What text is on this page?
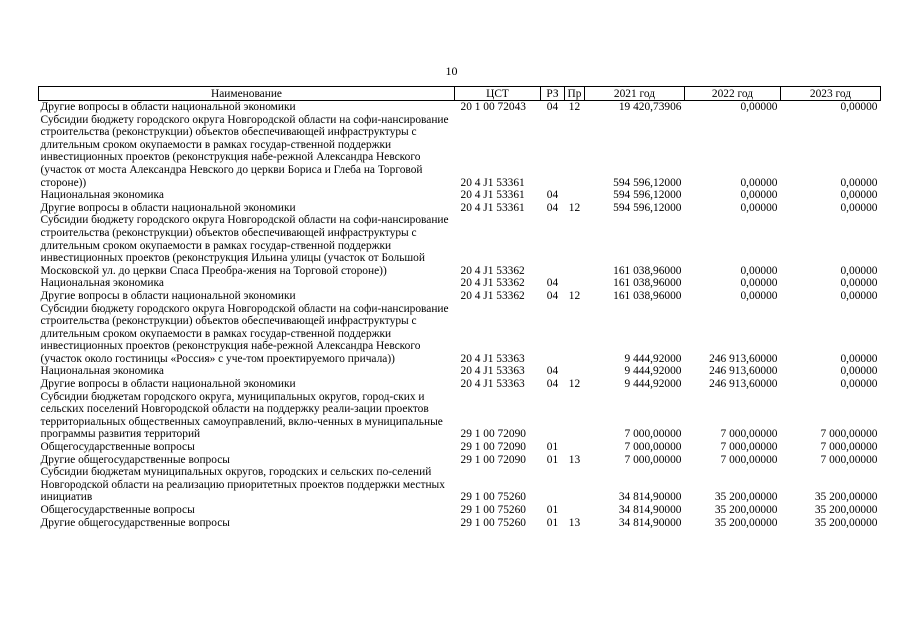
10
Наименование	ЦСТ	РЗ	Пр	2021 год	2022 год	2023 год
Другие вопросы в области национальной экономики	20 1 00 72043	04	12	19 420,73906	0,00000	0,00000
Субсидии бюджету городского округа Новгородской области на софи-нансирование строительства (реконструкции) объектов обеспечивающей инфраструктуры с длительным сроком окупаемости в рамках государ-ственной поддержки инвестиционных проектов (реконструкция набе-режной Александра Невского (участок от моста Александра Невского до церкви Бориса и Глеба на Торговой стороне))	20 4 J1 53361			594 596,12000	0,00000	0,00000
Национальная экономика	20 4 J1 53361	04		594 596,12000	0,00000	0,00000
Другие вопросы в области национальной экономики	20 4 J1 53361	04	12	594 596,12000	0,00000	0,00000
Субсидии бюджету городского округа Новгородской области на софи-нансирование строительства (реконструкции) объектов обеспечивающей инфраструктуры с длительным сроком окупаемости в рамках государ-ственной поддержки инвестиционных проектов (реконструкция Ильина улицы (участок от Большой Московской ул. до церкви Спаса Преобра-жения на Торговой стороне))	20 4 J1 53362			161 038,96000	0,00000	0,00000
Национальная экономика	20 4 J1 53362	04		161 038,96000	0,00000	0,00000
Другие вопросы в области национальной экономики	20 4 J1 53362	04	12	161 038,96000	0,00000	0,00000
Субсидии бюджету городского округа Новгородской области на софи-нансирование строительства (реконструкции) объектов обеспечивающей инфраструктуры с длительным сроком окупаемости в рамках государ-ственной поддержки инвестиционных проектов (реконструкция набе-режной Александра Невского (участок около гостиницы «Россия» с уче-том проектируемого причала))	20 4 J1 53363			9 444,92000	246 913,60000	0,00000
Национальная экономика	20 4 J1 53363	04		9 444,92000	246 913,60000	0,00000
Другие вопросы в области национальной экономики	20 4 J1 53363	04	12	9 444,92000	246 913,60000	0,00000
Субсидии бюджетам городского округа, муниципальных округов, город-ских и сельских поселений Новгородской области на поддержку реали-зации проектов территориальных общественных самоуправлений, вклю-ченных в муниципальные программы развития территорий	29 1 00 72090			7 000,00000	7 000,00000	7 000,00000
Общегосударственные вопросы	29 1 00 72090	01		7 000,00000	7 000,00000	7 000,00000
Другие общегосударственные вопросы	29 1 00 72090	01	13	7 000,00000	7 000,00000	7 000,00000
Субсидии бюджетам муниципальных округов, городских и сельских по-селений Новгородской области на реализацию приоритетных проектов поддержки местных инициатив	29 1 00 75260			34 814,90000	35 200,00000	35 200,00000
Общегосударственные вопросы	29 1 00 75260	01		34 814,90000	35 200,00000	35 200,00000
Другие общегосударственные вопросы	29 1 00 75260	01	13	34 814,90000	35 200,00000	35 200,00000
